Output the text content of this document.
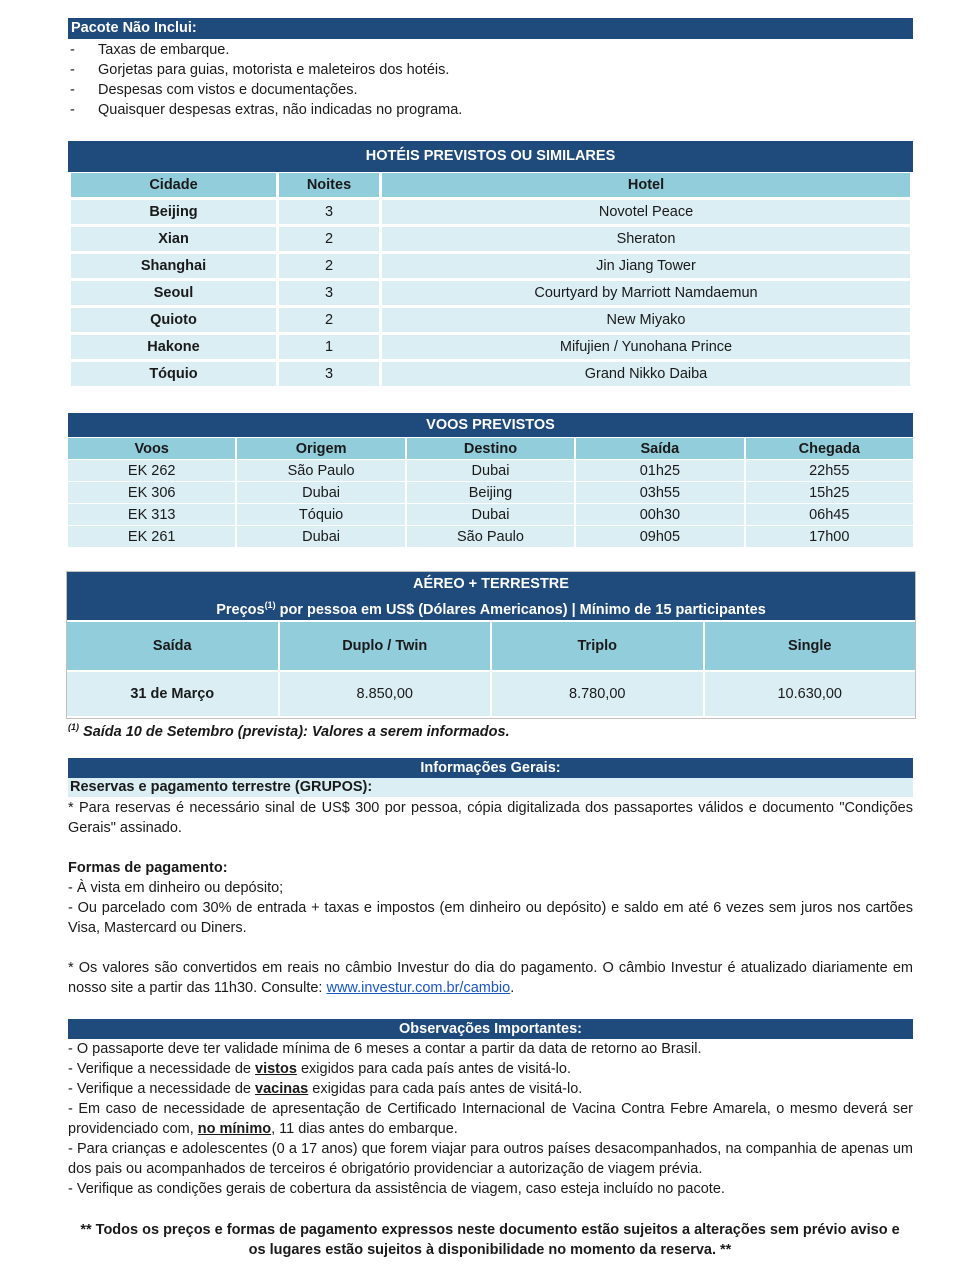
Pacote Não Inclui:
- Taxas de embarque.
- Gorjetas para guias, motorista e maleteiros dos hotéis.
- Despesas com vistos e documentações.
- Quaisquer despesas extras, não indicadas no programa.
HOTÉIS PREVISTOS OU SIMILARES
Cidade	Noites	Hotel
Beijing	3	Novotel Peace
Xian	2	Sheraton
Shanghai	2	Jin Jiang Tower
Seoul	3	Courtyard by Marriott Namdaemun
Quioto	2	New Miyako
Hakone	1	Mifujien / Yunohana Prince
Tóquio	3	Grand Nikko Daiba
VOOS PREVISTOS
Voos	Origem	Destino	Saída	Chegada
EK 262	São Paulo	Dubai	01h25	22h55
EK 306	Dubai	Beijing	03h55	15h25
EK 313	Tóquio	Dubai	00h30	06h45
EK 261	Dubai	São Paulo	09h05	17h00
AÉREO + TERRESTRE
Preços$^{(1)}$ por pessoa em US$ (Dólares Americanos) | Mínimo de 15 participantes
Saída	Duplo / Twin	Triplo	Single
31 de Março	8.850,00	8.780,00	10.630,00
$^{(1)}$ Saída 10 de Setembro (prevista): Valores a serem informados.
Informações Gerais:
Reservas e pagamento terrestre (GRUPOS):
* Para reservas é necessário sinal de US$ 300 por pessoa, cópia digitalizada dos passaportes válidos e documento "Condições Gerais" assinado.
Formas de pagamento:
- À vista em dinheiro ou depósito;
- Ou parcelado com 30% de entrada + taxas e impostos (em dinheiro ou depósito) e saldo em até 6 vezes sem juros nos cartões Visa, Mastercard ou Diners.
* Os valores são convertidos em reais no câmbio Investur do dia do pagamento. O câmbio Investur é atualizado diariamente em nosso site a partir das 11h30. Consulte: www.investur.com.br/cambio.
Observações Importantes:
- O passaporte deve ter validade mínima de 6 meses a contar a partir da data de retorno ao Brasil.
- Verifique a necessidade de vistos exigidos para cada país antes de visitá-lo.
- Verifique a necessidade de vacinas exigidas para cada país antes de visitá-lo.
- Em caso de necessidade de apresentação de Certificado Internacional de Vacina Contra Febre Amarela, o mesmo deverá ser providenciado com, no mínimo, 11 dias antes do embarque.
- Para crianças e adolescentes (0 a 17 anos) que forem viajar para outros países desacompanhados, na companhia de apenas um dos pais ou acompanhados de terceiros é obrigatório providenciar a autorização de viagem prévia.
- Verifique as condições gerais de cobertura da assistência de viagem, caso esteja incluído no pacote.
** Todos os preços e formas de pagamento expressos neste documento estão sujeitos a alterações sem prévio aviso e os lugares estão sujeitos à disponibilidade no momento da reserva. **
